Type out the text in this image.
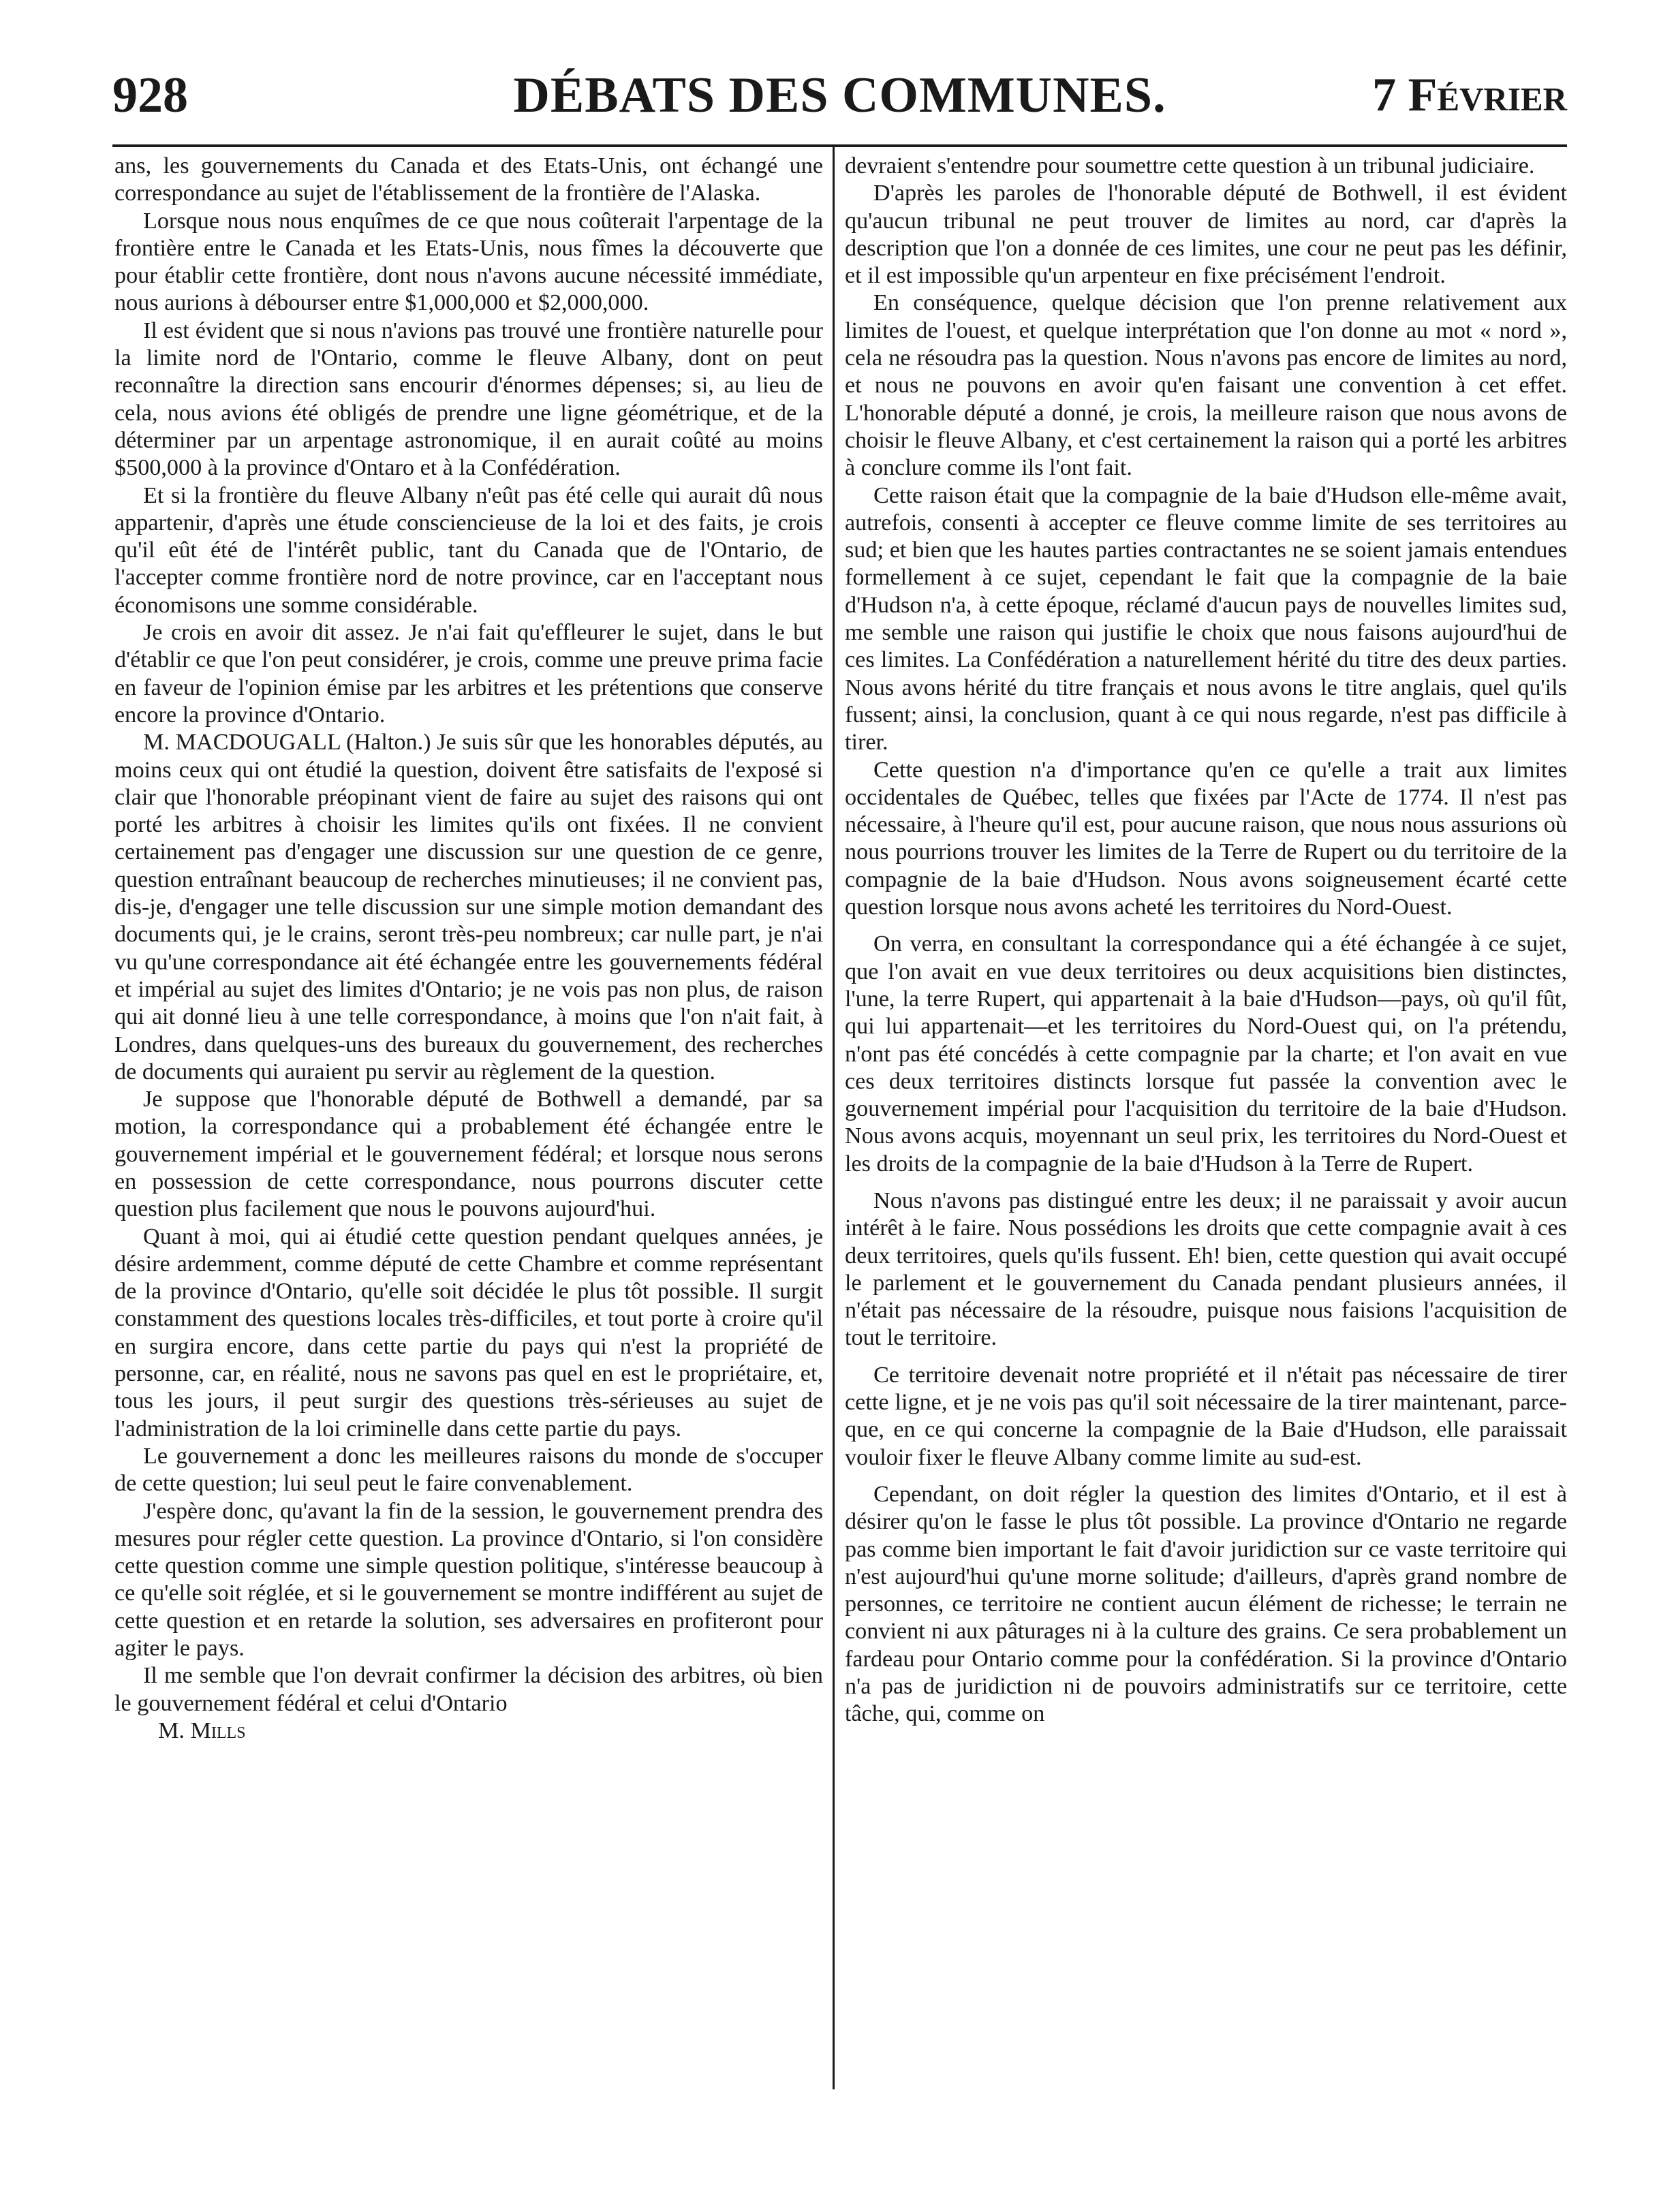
928	DÉBATS DES COMMUNES.	7 Février

ans, les gouvernements du Canada et des Etats-Unis, ont échangé une correspondance au sujet de l'établissement de la frontière de l'Alaska.

Lorsque nous nous enquîmes de ce que nous coûterait l'arpentage de la frontière entre le Canada et les Etats-Unis, nous fîmes la découverte que pour établir cette frontière, dont nous n'avons aucune nécessité immédiate, nous aurions à débourser entre $1,000,000 et $2,000,000.

Il est évident que si nous n'avions pas trouvé une frontière naturelle pour la limite nord de l'Ontario, comme le fleuve Albany, dont on peut reconnaître la direction sans encourir d'énormes dépenses; si, au lieu de cela, nous avions été obligés de prendre une ligne géométrique, et de la déterminer par un arpentage astronomique, il en aurait coûté au moins $500,000 à la province d'Ontaro et à la Confédération.

Et si la frontière du fleuve Albany n'eût pas été celle qui aurait dû nous appartenir, d'après une étude consciencieuse de la loi et des faits, je crois qu'il eût été de l'intérêt public, tant du Canada que de l'Ontario, de l'accepter comme frontière nord de notre province, car en l'acceptant nous économisons une somme considérable.

Je crois en avoir dit assez. Je n'ai fait qu'effleurer le sujet, dans le but d'établir ce que l'on peut considérer, je crois, comme une preuve prima facie en faveur de l'opinion émise par les arbitres et les prétentions que conserve encore la province d'Ontario.

M. MACDOUGALL (Halton.) Je suis sûr que les honorables députés, au moins ceux qui ont étudié la question, doivent être satisfaits de l'exposé si clair que l'honorable préopinant vient de faire au sujet des raisons qui ont porté les arbitres à choisir les limites qu'ils ont fixées. Il ne convient certainement pas d'engager une discussion sur une question de ce genre, question entraînant beaucoup de recherches minutieuses; il ne convient pas, dis-je, d'engager une telle discussion sur une simple motion demandant des documents qui, je le crains, seront très-peu nombreux; car nulle part, je n'ai vu qu'une correspondance ait été échangée entre les gouvernements fédéral et impérial au sujet des limites d'Ontario; je ne vois pas non plus, de raison qui ait donné lieu à une telle correspondance, à moins que l'on n'ait fait, à Londres, dans quelques-uns des bureaux du gouvernement, des recherches de documents qui auraient pu servir au règlement de la question.

Je suppose que l'honorable député de Bothwell a demandé, par sa motion, la correspondance qui a probablement été échangée entre le gouvernement impérial et le gouvernement fédéral; et lorsque nous serons en possession de cette correspondance, nous pourrons discuter cette question plus facilement que nous le pouvons aujourd'hui.

Quant à moi, qui ai étudié cette question pendant quelques années, je désire ardemment, comme député de cette Chambre et comme représentant de la province d'Ontario, qu'elle soit décidée le plus tôt possible. Il surgit constamment des questions locales très-difficiles, et tout porte à croire qu'il en surgira encore, dans cette partie du pays qui n'est la propriété de personne, car, en réalité, nous ne savons pas quel en est le propriétaire, et, tous les jours, il peut surgir des questions très-sérieuses au sujet de l'administration de la loi criminelle dans cette partie du pays.

Le gouvernement a donc les meilleures raisons du monde de s'occuper de cette question; lui seul peut le faire convenablement.

J'espère donc, qu'avant la fin de la session, le gouvernement prendra des mesures pour régler cette question. La province d'Ontario, si l'on considère cette question comme une simple question politique, s'intéresse beaucoup à ce qu'elle soit réglée, et si le gouvernement se montre indifférent au sujet de cette question et en retarde la solution, ses adversaires en profiteront pour agiter le pays.

Il me semble que l'on devrait confirmer la décision des arbitres, où bien le gouvernement fédéral et celui d'Ontario

M. Mills

devraient s'entendre pour soumettre cette question à un tribunal judiciaire.

D'après les paroles de l'honorable député de Bothwell, il est évident qu'aucun tribunal ne peut trouver de limites au nord, car d'après la description que l'on a donnée de ces limites, une cour ne peut pas les définir, et il est impossible qu'un arpenteur en fixe précisément l'endroit.

En conséquence, quelque décision que l'on prenne relativement aux limites de l'ouest, et quelque interprétation que l'on donne au mot « nord », cela ne résoudra pas la question. Nous n'avons pas encore de limites au nord, et nous ne pouvons en avoir qu'en faisant une convention à cet effet. L'honorable député a donné, je crois, la meilleure raison que nous avons de choisir le fleuve Albany, et c'est certainement la raison qui a porté les arbitres à conclure comme ils l'ont fait.

Cette raison était que la compagnie de la baie d'Hudson elle-même avait, autrefois, consenti à accepter ce fleuve comme limite de ses territoires au sud; et bien que les hautes parties contractantes ne se soient jamais entendues formellement à ce sujet, cependant le fait que la compagnie de la baie d'Hudson n'a, à cette époque, réclamé d'aucun pays de nouvelles limites sud, me semble une raison qui justifie le choix que nous faisons aujourd'hui de ces limites. La Confédération a naturellement hérité du titre des deux parties. Nous avons hérité du titre français et nous avons le titre anglais, quel qu'ils fussent; ainsi, la conclusion, quant à ce qui nous regarde, n'est pas difficile à tirer.

Cette question n'a d'importance qu'en ce qu'elle a trait aux limites occidentales de Québec, telles que fixées par l'Acte de 1774. Il n'est pas nécessaire, à l'heure qu'il est, pour aucune raison, que nous nous assurions où nous pourrions trouver les limites de la Terre de Rupert ou du territoire de la compagnie de la baie d'Hudson. Nous avons soigneusement écarté cette question lorsque nous avons acheté les territoires du Nord-Ouest.

On verra, en consultant la correspondance qui a été échangée à ce sujet, que l'on avait en vue deux territoires ou deux acquisitions bien distinctes, l'une, la terre Rupert, qui appartenait à la baie d'Hudson—pays, où qu'il fût, qui lui appartenait—et les territoires du Nord-Ouest qui, on l'a prétendu, n'ont pas été concédés à cette compagnie par la charte; et l'on avait en vue ces deux territoires distincts lorsque fut passée la convention avec le gouvernement impérial pour l'acquisition du territoire de la baie d'Hudson. Nous avons acquis, moyennant un seul prix, les territoires du Nord-Ouest et les droits de la compagnie de la baie d'Hudson à la Terre de Rupert.

Nous n'avons pas distingué entre les deux; il ne paraissait y avoir aucun intérêt à le faire. Nous possédions les droits que cette compagnie avait à ces deux territoires, quels qu'ils fussent. Eh! bien, cette question qui avait occupé le parlement et le gouvernement du Canada pendant plusieurs années, il n'était pas nécessaire de la résoudre, puisque nous faisions l'acquisition de tout le territoire.

Ce territoire devenait notre propriété et il n'était pas nécessaire de tirer cette ligne, et je ne vois pas qu'il soit nécessaire de la tirer maintenant, parce-que, en ce qui concerne la compagnie de la Baie d'Hudson, elle paraissait vouloir fixer le fleuve Albany comme limite au sud-est.

Cependant, on doit régler la question des limites d'Ontario, et il est à désirer qu'on le fasse le plus tôt possible. La province d'Ontario ne regarde pas comme bien important le fait d'avoir juridiction sur ce vaste territoire qui n'est aujourd'hui qu'une morne solitude; d'ailleurs, d'après grand nombre de personnes, ce territoire ne contient aucun élément de richesse; le terrain ne convient ni aux pâturages ni à la culture des grains. Ce sera probablement un fardeau pour Ontario comme pour la confédération. Si la province d'Ontario n'a pas de juridiction ni de pouvoirs administratifs sur ce territoire, cette tâche, qui, comme on
